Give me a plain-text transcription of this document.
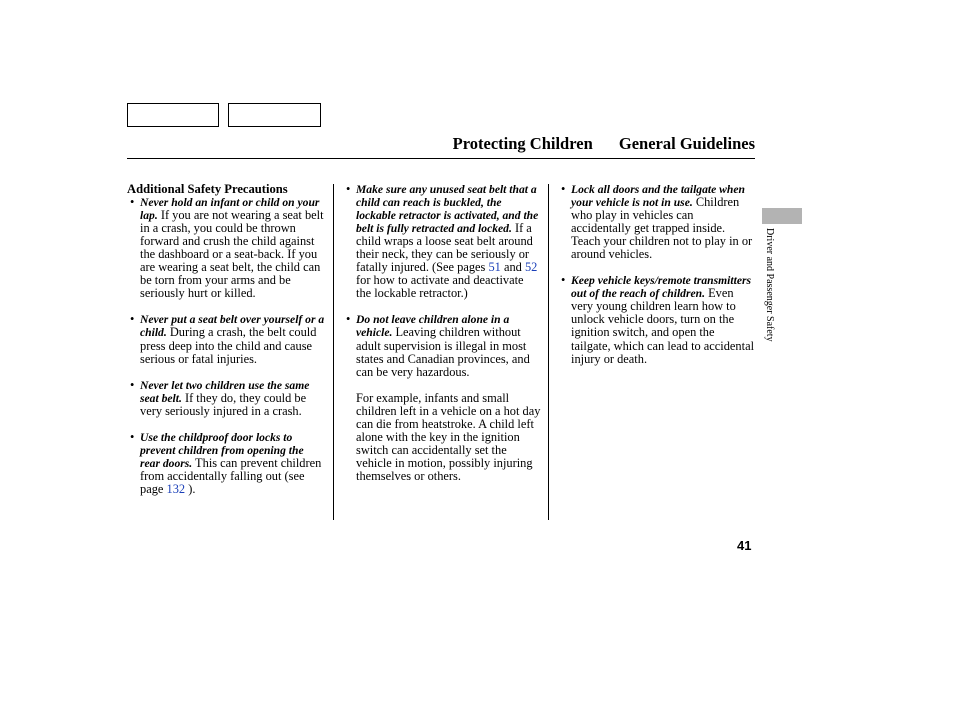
Protecting Children General Guidelines
Additional Safety Precautions
• Never hold an infant or child on your lap. If you are not wearing a seat belt in a crash, you could be thrown forward and crush the child against the dashboard or a seat-back. If you are wearing a seat belt, the child can be torn from your arms and be seriously hurt or killed.
• Never put a seat belt over yourself or a child. During a crash, the belt could press deep into the child and cause serious or fatal injuries.
• Never let two children use the same seat belt. If they do, they could be very seriously injured in a crash.
• Use the childproof door locks to prevent children from opening the rear doors. This can prevent children from accidentally falling out (see page 132 ).
• Make sure any unused seat belt that a child can reach is buckled, the lockable retractor is activated, and the belt is fully retracted and locked. If a child wraps a loose seat belt around their neck, they can be seriously or fatally injured. (See pages 51 and 52 for how to activate and deactivate the lockable retractor.)
• Do not leave children alone in a vehicle. Leaving children without adult supervision is illegal in most states and Canadian provinces, and can be very hazardous.

For example, infants and small children left in a vehicle on a hot day can die from heatstroke. A child left alone with the key in the ignition switch can accidentally set the vehicle in motion, possibly injuring themselves or others.

• Lock all doors and the tailgate when your vehicle is not in use. Children who play in vehicles can accidentally get trapped inside. Teach your children not to play in or around vehicles.
• Keep vehicle keys/remote transmitters out of the reach of children. Even very young children learn how to unlock vehicle doors, turn on the ignition switch, and open the tailgate, which can lead to accidental injury or death.
Driver and Passenger Safety
41
